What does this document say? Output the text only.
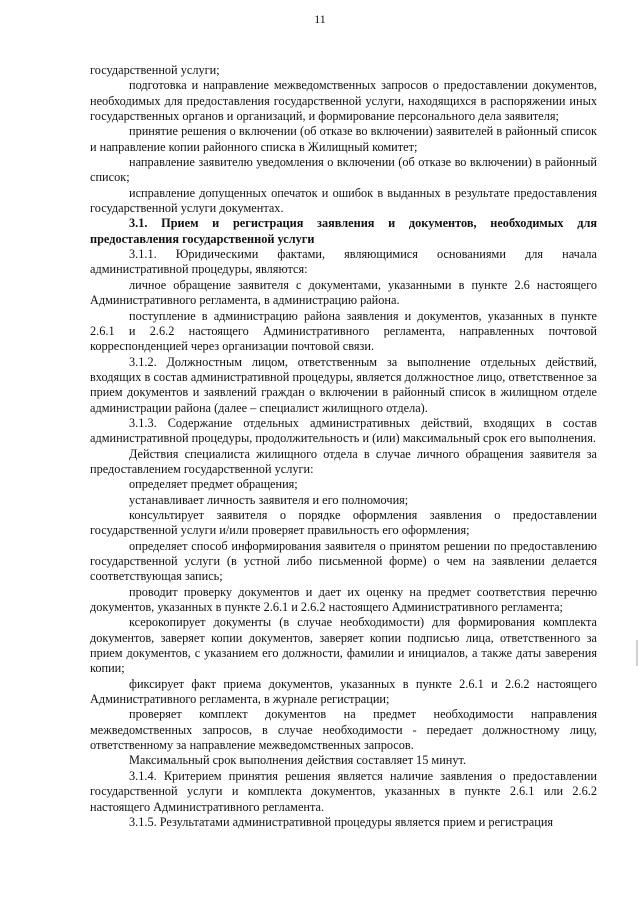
11

государственной услуги;

подготовка и направление межведомственных запросов о предоставлении документов, необходимых для предоставления государственной услуги, находящихся в распоряжении иных государственных органов и организаций, и формирование персонального дела заявителя;

принятие решения о включении (об отказе во включении) заявителей в районный список и направление копии районного списка в Жилищный комитет;

направление заявителю уведомления о включении (об отказе во включении) в районный список;

исправление допущенных опечаток и ошибок в выданных в результате предоставления государственной услуги документах.

3.1. Прием и регистрация заявления и документов, необходимых для предоставления государственной услуги

3.1.1. Юридическими фактами, являющимися основаниями для начала административной процедуры, являются:

личное обращение заявителя с документами, указанными в пункте 2.6 настоящего Административного регламента, в администрацию района.

поступление в администрацию района заявления и документов, указанных в пункте 2.6.1 и 2.6.2 настоящего Административного регламента, направленных почтовой корреспонденцией через организации почтовой связи.

3.1.2. Должностным лицом, ответственным за выполнение отдельных действий, входящих в состав административной процедуры, является должностное лицо, ответственное за прием документов и заявлений граждан о включении в районный список в жилищном отделе администрации района (далее – специалист жилищного отдела).

3.1.3. Содержание отдельных административных действий, входящих в состав административной процедуры, продолжительность и (или) максимальный срок его выполнения.

Действия специалиста жилищного отдела в случае личного обращения заявителя за предоставлением государственной услуги:

определяет предмет обращения;

устанавливает личность заявителя и его полномочия;

консультирует заявителя о порядке оформления заявления о предоставлении государственной услуги и/или проверяет правильность его оформления;

определяет способ информирования заявителя о принятом решении по предоставлению государственной услуги (в устной либо письменной форме) о чем на заявлении делается соответствующая запись;

проводит проверку документов и дает их оценку на предмет соответствия перечню документов, указанных в пункте 2.6.1 и 2.6.2 настоящего Административного регламента;

ксерокопирует документы (в случае необходимости) для формирования комплекта документов, заверяет копии документов, заверяет копии подписью лица, ответственного за прием документов, с указанием его должности, фамилии и инициалов, а также даты заверения копии;

фиксирует факт приема документов, указанных в пункте 2.6.1 и 2.6.2 настоящего Административного регламента, в журнале регистрации;

проверяет комплект документов на предмет необходимости направления межведомственных запросов, в случае необходимости - передает должностному лицу, ответственному за направление межведомственных запросов.

Максимальный срок выполнения действия составляет 15 минут.

3.1.4. Критерием принятия решения является наличие заявления о предоставлении государственной услуги и комплекта документов, указанных в пункте 2.6.1 или 2.6.2 настоящего Административного регламента.

3.1.5. Результатами административной процедуры является прием и регистрация
